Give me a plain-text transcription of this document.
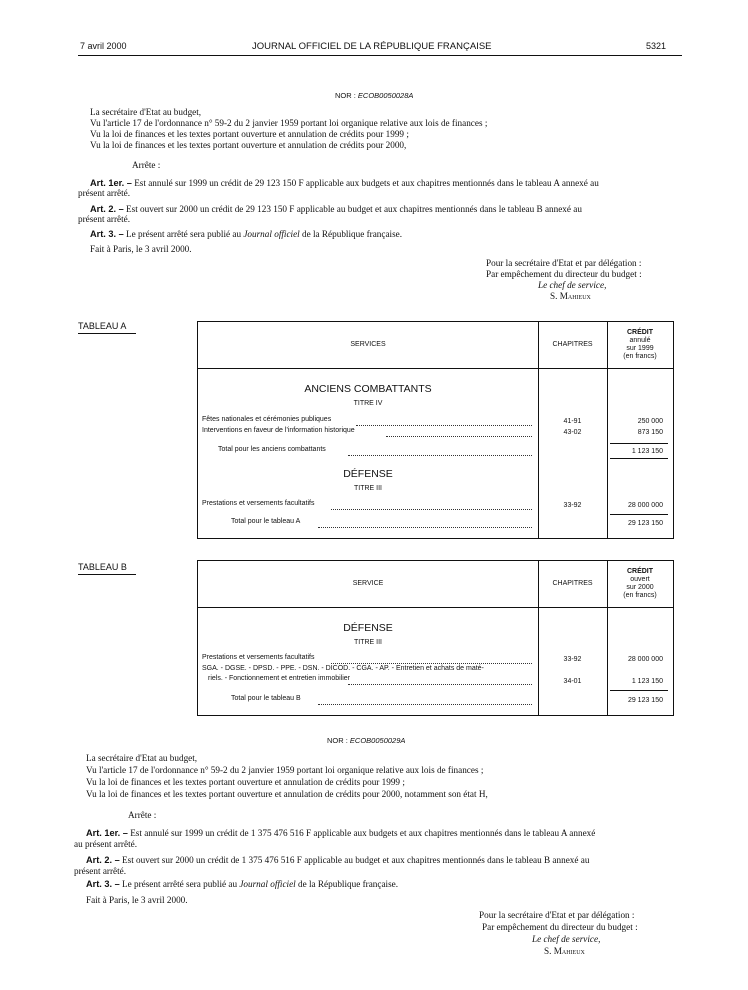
7 avril 2000	JOURNAL OFFICIEL DE LA RÉPUBLIQUE FRANÇAISE	5321
NOR : ECOB0050028A
La secrétaire d'Etat au budget,
Vu l'article 17 de l'ordonnance n° 59-2 du 2 janvier 1959 portant loi organique relative aux lois de finances ;
Vu la loi de finances et les textes portant ouverture et annulation de crédits pour 1999 ;
Vu la loi de finances et les textes portant ouverture et annulation de crédits pour 2000,
Arrête :
Art. 1er. – Est annulé sur 1999 un crédit de 29 123 150 F applicable aux budgets et aux chapitres mentionnés dans le tableau A annexé au
présent arrêté.
Art. 2. – Est ouvert sur 2000 un crédit de 29 123 150 F applicable au budget et aux chapitres mentionnés dans le tableau B annexé au
présent arrêté.
Art. 3. – Le présent arrêté sera publié au Journal officiel de la République française.
Fait à Paris, le 3 avril 2000.
Pour la secrétaire d'Etat et par délégation :
Par empêchement du directeur du budget :
Le chef de service,
S. Mahieux
TABLEAU A
SERVICES	CHAPITRES
CRÉDIT
annulé
sur 1999
(en francs)
ANCIENS COMBATTANTS
TITRE IV
Fêtes nationales et cérémonies publiques	41-91	250 000
Interventions en faveur de l'information historique	43-02	873 150
Total pour les anciens combattants	1 123 150
DÉFENSE
TITRE III
Prestations et versements facultatifs	33-92	28 000 000
Total pour le tableau A	29 123 150
TABLEAU B
SERVICE	CHAPITRES
CRÉDIT
ouvert
sur 2000
(en francs)
DÉFENSE
TITRE III
Prestations et versements facultatifs	33-92	28 000 000
SGA. - DGSE. - DPSD. - PPE. - DSN. - DICOD. - CGA. - AP. - Entretien et achats de maté-
riels. - Fonctionnement et entretien immobilier	34-01	1 123 150
Total pour le tableau B	29 123 150
NOR : ECOB0050029A
La secrétaire d'Etat au budget,
Vu l'article 17 de l'ordonnance n° 59-2 du 2 janvier 1959 portant loi organique relative aux lois de finances ;
Vu la loi de finances et les textes portant ouverture et annulation de crédits pour 1999 ;
Vu la loi de finances et les textes portant ouverture et annulation de crédits pour 2000, notamment son état H,
Arrête :
Art. 1er. – Est annulé sur 1999 un crédit de 1 375 476 516 F applicable aux budgets et aux chapitres mentionnés dans le tableau A annexé
au présent arrêté.
Art. 2. – Est ouvert sur 2000 un crédit de 1 375 476 516 F applicable au budget et aux chapitres mentionnés dans le tableau B annexé au
présent arrêté.
Art. 3. – Le présent arrêté sera publié au Journal officiel de la République française.
Fait à Paris, le 3 avril 2000.
Pour la secrétaire d'Etat et par délégation :
Par empêchement du directeur du budget :
Le chef de service,
S. Mahieux
